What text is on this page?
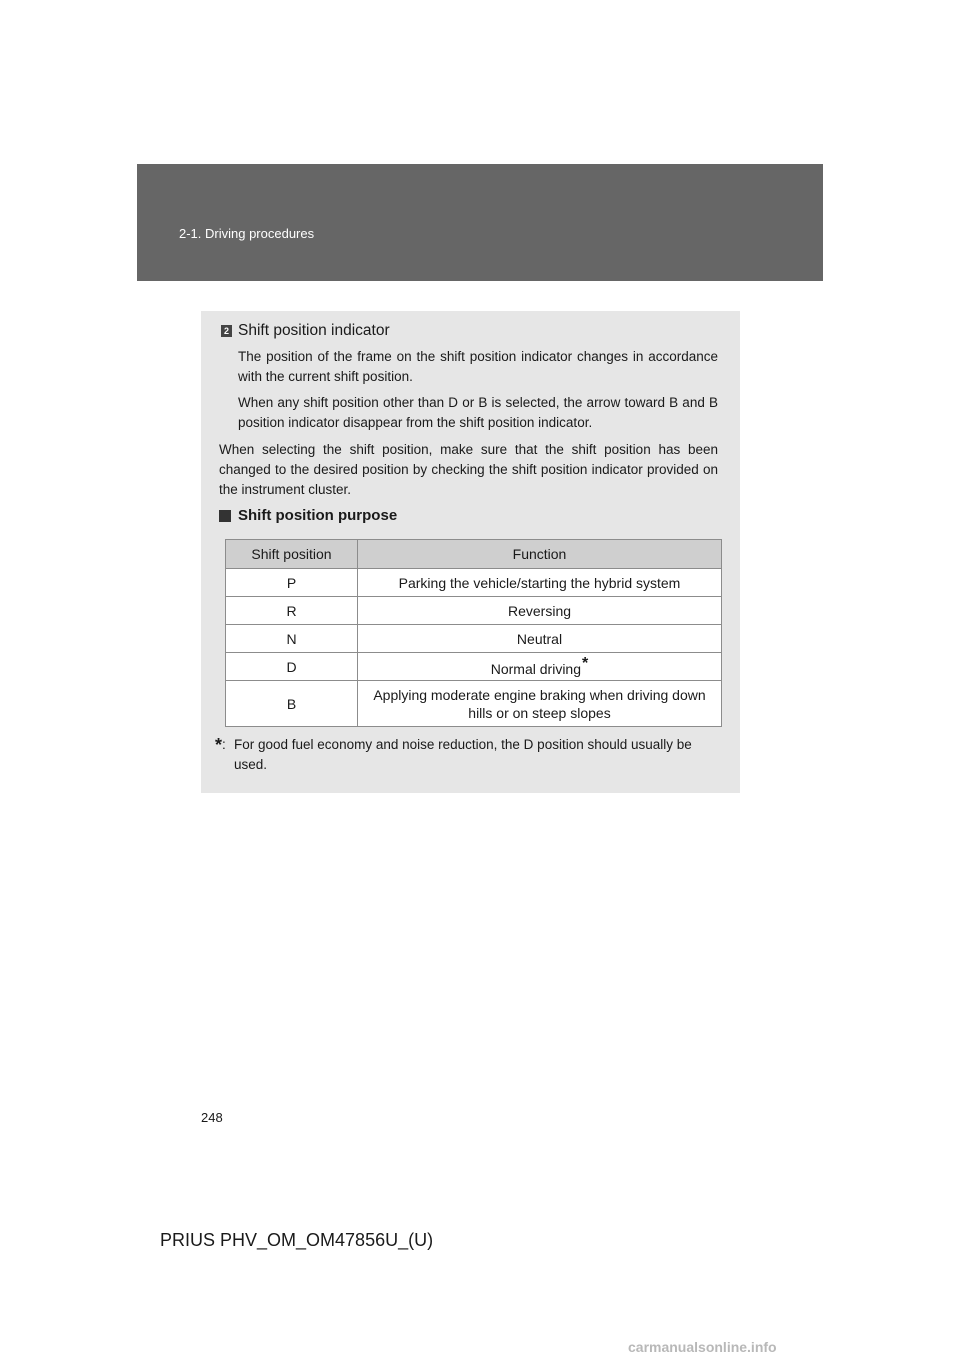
2-1. Driving procedures
2 Shift position indicator
The position of the frame on the shift position indicator changes in accordance with the current shift position.
When any shift position other than D or B is selected, the arrow toward B and B position indicator disappear from the shift position indicator.
When selecting the shift position, make sure that the shift position has been changed to the desired position by checking the shift position indicator provided on the instrument cluster.
Shift position purpose
Shift position	Function
P	Parking the vehicle/starting the hybrid system
R	Reversing
N	Neutral
D	Normal driving*
B	Applying moderate engine braking when driving down hills or on steep slopes
*: For good fuel economy and noise reduction, the D position should usually be used.
248
PRIUS PHV_OM_OM47856U_(U)
carmanualsonline.info
